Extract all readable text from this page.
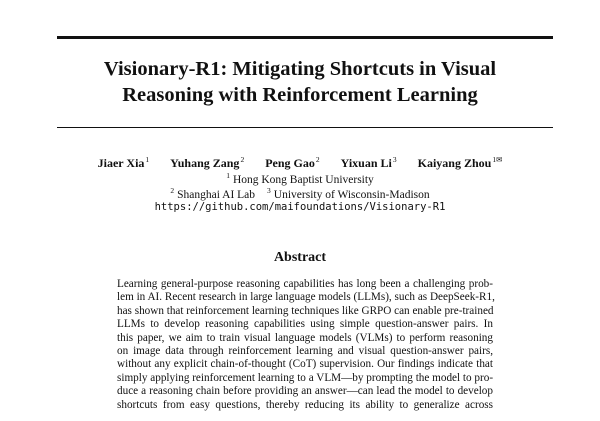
Visionary-R1: Mitigating Shortcuts in Visual
Reasoning with Reinforcement Learning
Jiaer Xia$^1$ Yuhang Zang$^2$ Peng Gao$^2$ Yixuan Li$^3$ Kaiyang Zhou$^{1✉}$
$^1$ Hong Kong Baptist University
$^2$ Shanghai AI Lab $^3$ University of Wisconsin-Madison
https://github.com/maifoundations/Visionary-R1
Abstract
Learning general-purpose reasoning capabilities has long been a challenging prob-
lem in AI. Recent research in large language models (LLMs), such as DeepSeek-R1,
has shown that reinforcement learning techniques like GRPO can enable pre-trained
LLMs to develop reasoning capabilities using simple question-answer pairs. In
this paper, we aim to train visual language models (VLMs) to perform reasoning
on image data through reinforcement learning and visual question-answer pairs,
without any explicit chain-of-thought (CoT) supervision. Our findings indicate that
simply applying reinforcement learning to a VLM—by prompting the model to pro-
duce a reasoning chain before providing an answer—can lead the model to develop
shortcuts from easy questions, thereby reducing its ability to generalize across
